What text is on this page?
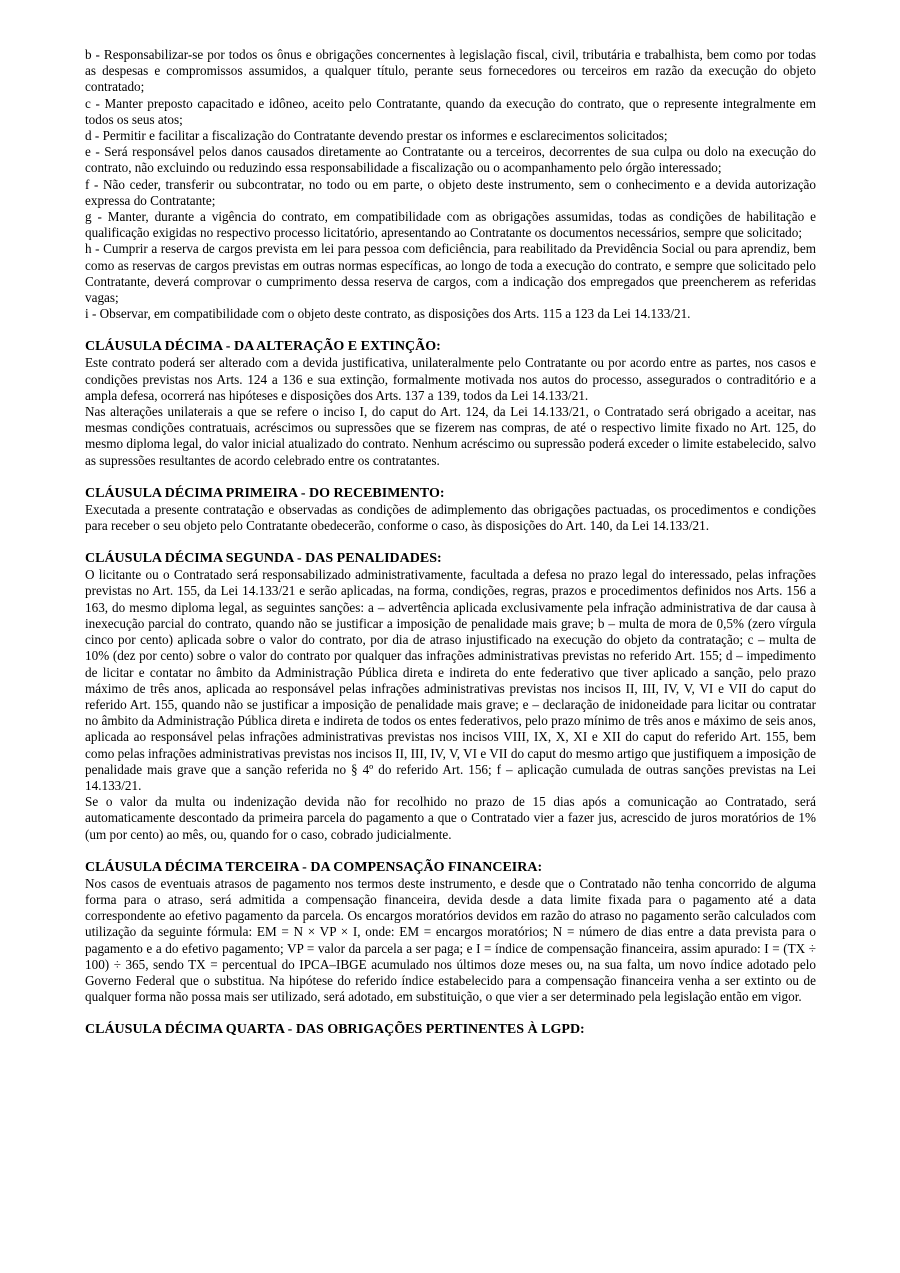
b - Responsabilizar-se por todos os ônus e obrigações concernentes à legislação fiscal, civil, tributária e trabalhista, bem como por todas as despesas e compromissos assumidos, a qualquer título, perante seus fornecedores ou terceiros em razão da execução do objeto contratado;

c - Manter preposto capacitado e idôneo, aceito pelo Contratante, quando da execução do contrato, que o represente integralmente em todos os seus atos;

d - Permitir e facilitar a fiscalização do Contratante devendo prestar os informes e esclarecimentos solicitados;

e - Será responsável pelos danos causados diretamente ao Contratante ou a terceiros, decorrentes de sua culpa ou dolo na execução do contrato, não excluindo ou reduzindo essa responsabilidade a fiscalização ou o acompanhamento pelo órgão interessado;

f - Não ceder, transferir ou subcontratar, no todo ou em parte, o objeto deste instrumento, sem o conhecimento e a devida autorização expressa do Contratante;

g - Manter, durante a vigência do contrato, em compatibilidade com as obrigações assumidas, todas as condições de habilitação e qualificação exigidas no respectivo processo licitatório, apresentando ao Contratante os documentos necessários, sempre que solicitado;

h - Cumprir a reserva de cargos prevista em lei para pessoa com deficiência, para reabilitado da Previdência Social ou para aprendiz, bem como as reservas de cargos previstas em outras normas específicas, ao longo de toda a execução do contrato, e sempre que solicitado pelo Contratante, deverá comprovar o cumprimento dessa reserva de cargos, com a indicação dos empregados que preencherem as referidas vagas;

i - Observar, em compatibilidade com o objeto deste contrato, as disposições dos Arts. 115 a 123 da Lei 14.133/21.

CLÁUSULA DÉCIMA - DA ALTERAÇÃO E EXTINÇÃO:

Este contrato poderá ser alterado com a devida justificativa, unilateralmente pelo Contratante ou por acordo entre as partes, nos casos e condições previstas nos Arts. 124 a 136 e sua extinção, formalmente motivada nos autos do processo, assegurados o contraditório e a ampla defesa, ocorrerá nas hipóteses e disposições dos Arts. 137 a 139, todos da Lei 14.133/21.

Nas alterações unilaterais a que se refere o inciso I, do caput do Art. 124, da Lei 14.133/21, o Contratado será obrigado a aceitar, nas mesmas condições contratuais, acréscimos ou supressões que se fizerem nas compras, de até o respectivo limite fixado no Art. 125, do mesmo diploma legal, do valor inicial atualizado do contrato. Nenhum acréscimo ou supressão poderá exceder o limite estabelecido, salvo as supressões resultantes de acordo celebrado entre os contratantes.

CLÁUSULA DÉCIMA PRIMEIRA - DO RECEBIMENTO:

Executada a presente contratação e observadas as condições de adimplemento das obrigações pactuadas, os procedimentos e condições para receber o seu objeto pelo Contratante obedecerão, conforme o caso, às disposições do Art. 140, da Lei 14.133/21.

CLÁUSULA DÉCIMA SEGUNDA - DAS PENALIDADES:

O licitante ou o Contratado será responsabilizado administrativamente, facultada a defesa no prazo legal do interessado, pelas infrações previstas no Art. 155, da Lei 14.133/21 e serão aplicadas, na forma, condições, regras, prazos e procedimentos definidos nos Arts. 156 a 163, do mesmo diploma legal, as seguintes sanções: a – advertência aplicada exclusivamente pela infração administrativa de dar causa à inexecução parcial do contrato, quando não se justificar a imposição de penalidade mais grave; b – multa de mora de 0,5% (zero vírgula cinco por cento) aplicada sobre o valor do contrato, por dia de atraso injustificado na execução do objeto da contratação; c – multa de 10% (dez por cento) sobre o valor do contrato por qualquer das infrações administrativas previstas no referido Art. 155; d – impedimento de licitar e contatar no âmbito da Administração Pública direta e indireta do ente federativo que tiver aplicado a sanção, pelo prazo máximo de três anos, aplicada ao responsável pelas infrações administrativas previstas nos incisos II, III, IV, V, VI e VII do caput do referido Art. 155, quando não se justificar a imposição de penalidade mais grave; e – declaração de inidoneidade para licitar ou contratar no âmbito da Administração Pública direta e indireta de todos os entes federativos, pelo prazo mínimo de três anos e máximo de seis anos, aplicada ao responsável pelas infrações administrativas previstas nos incisos VIII, IX, X, XI e XII do caput do referido Art. 155, bem como pelas infrações administrativas previstas nos incisos II, III, IV, V, VI e VII do caput do mesmo artigo que justifiquem a imposição de penalidade mais grave que a sanção referida no § 4º do referido Art. 156; f – aplicação cumulada de outras sanções previstas na Lei 14.133/21.

Se o valor da multa ou indenização devida não for recolhido no prazo de 15 dias após a comunicação ao Contratado, será automaticamente descontado da primeira parcela do pagamento a que o Contratado vier a fazer jus, acrescido de juros moratórios de 1% (um por cento) ao mês, ou, quando for o caso, cobrado judicialmente.

CLÁUSULA DÉCIMA TERCEIRA - DA COMPENSAÇÃO FINANCEIRA:

Nos casos de eventuais atrasos de pagamento nos termos deste instrumento, e desde que o Contratado não tenha concorrido de alguma forma para o atraso, será admitida a compensação financeira, devida desde a data limite fixada para o pagamento até a data correspondente ao efetivo pagamento da parcela. Os encargos moratórios devidos em razão do atraso no pagamento serão calculados com utilização da seguinte fórmula: EM = N × VP × I, onde: EM = encargos moratórios; N = número de dias entre a data prevista para o pagamento e a do efetivo pagamento; VP = valor da parcela a ser paga; e I = índice de compensação financeira, assim apurado: I = (TX ÷ 100) ÷ 365, sendo TX = percentual do IPCA–IBGE acumulado nos últimos doze meses ou, na sua falta, um novo índice adotado pelo Governo Federal que o substitua. Na hipótese do referido índice estabelecido para a compensação financeira venha a ser extinto ou de qualquer forma não possa mais ser utilizado, será adotado, em substituição, o que vier a ser determinado pela legislação então em vigor.

CLÁUSULA DÉCIMA QUARTA - DAS OBRIGAÇÕES PERTINENTES À LGPD:
